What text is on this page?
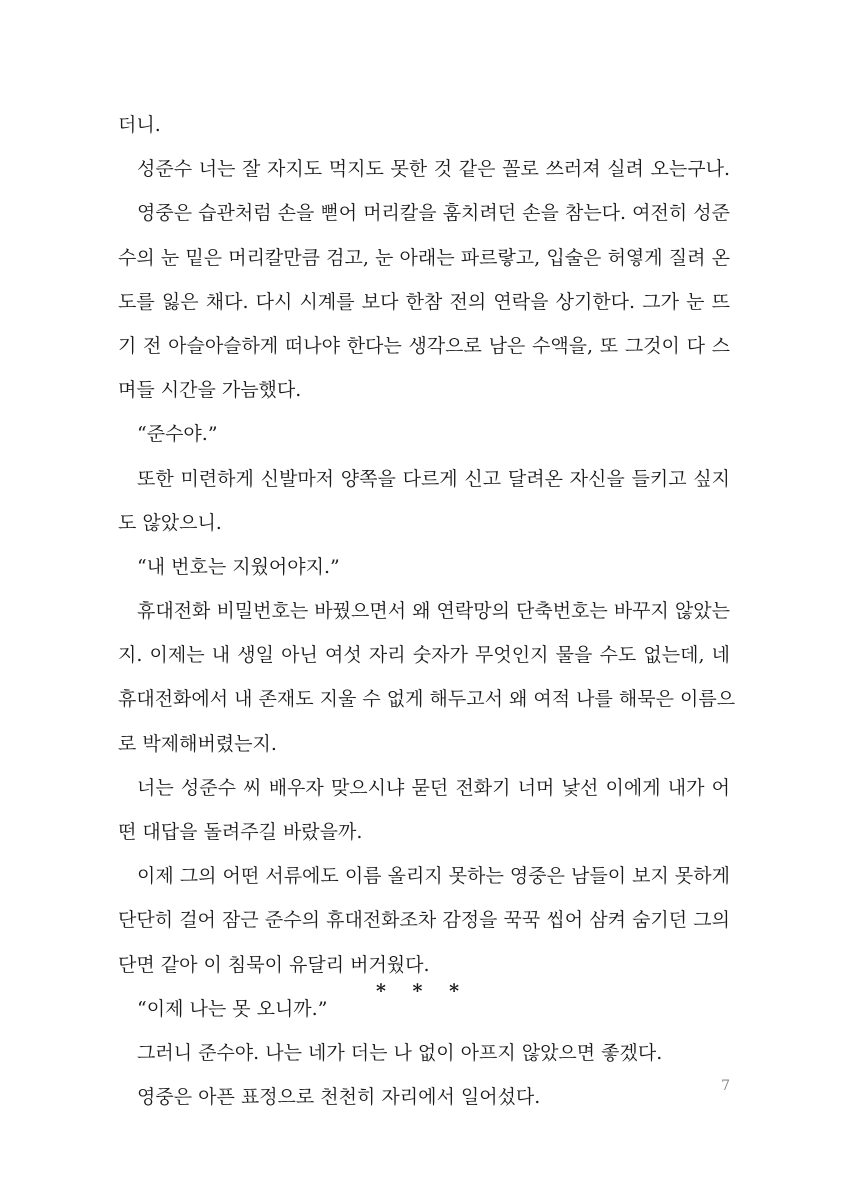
더니.
성준수 너는 잘 자지도 먹지도 못한 것 같은 꼴로 쓰러져 실려 오는구나.
영중은 습관처럼 손을 뻗어 머리칼을 훔치려던 손을 참는다. 여전히 성준
수의 눈 밑은 머리칼만큼 검고, 눈 아래는 파르랗고, 입술은 허옇게 질려 온
도를 잃은 채다. 다시 시계를 보다 한참 전의 연락을 상기한다. 그가 눈 뜨
기 전 아슬아슬하게 떠나야 한다는 생각으로 남은 수액을, 또 그것이 다 스
며들 시간을 가늠했다.
“준수야.”
또한 미련하게 신발마저 양쪽을 다르게 신고 달려온 자신을 들키고 싶지
도 않았으니.
“내 번호는 지웠어야지.”
휴대전화 비밀번호는 바꿨으면서 왜 연락망의 단축번호는 바꾸지 않았는
지. 이제는 내 생일 아닌 여섯 자리 숫자가 무엇인지 물을 수도 없는데, 네
휴대전화에서 내 존재도 지울 수 없게 해두고서 왜 여적 나를 해묵은 이름으
로 박제해버렸는지.
너는 성준수 씨 배우자 맞으시냐 묻던 전화기 너머 낯선 이에게 내가 어
떤 대답을 돌려주길 바랐을까.
이제 그의 어떤 서류에도 이름 올리지 못하는 영중은 남들이 보지 못하게
단단히 걸어 잠근 준수의 휴대전화조차 감정을 꾹꾹 씹어 삼켜 숨기던 그의
단면 같아 이 침묵이 유달리 버거웠다.
“이제 나는 못 오니까.”
그러니 준수야. 나는 네가 더는 나 없이 아프지 않았으면 좋겠다.
영중은 아픈 표정으로 천천히 자리에서 일어섰다.
* * *
7
